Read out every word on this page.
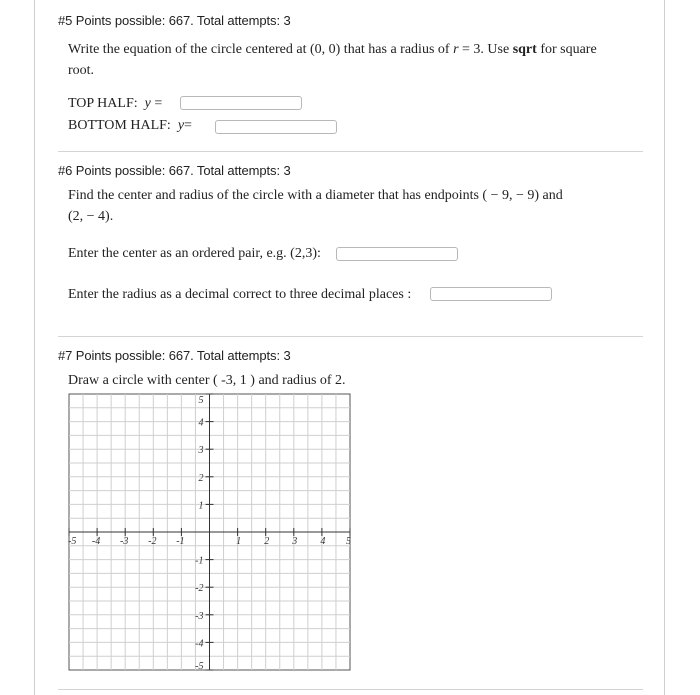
#5 Points possible: 667. Total attempts: 3
Write the equation of the circle centered at (0, 0) that has a radius of r = 3. Use sqrt for square
root.
TOP HALF: y =
BOTTOM HALF: y=
#6 Points possible: 667. Total attempts: 3
Find the center and radius of the circle with a diameter that has endpoints ( − 9, − 9) and
(2, − 4).
Enter the center as an ordered pair, e.g. (2,3):
Enter the radius as a decimal correct to three decimal places :
#7 Points possible: 667. Total attempts: 3
Draw a circle with center ( -3, 1 ) and radius of 2.
-5 -4 -3 -2 -1	1 2 3 4 5
5
4
3
2
1
-1
-2
-3
-4
-5
